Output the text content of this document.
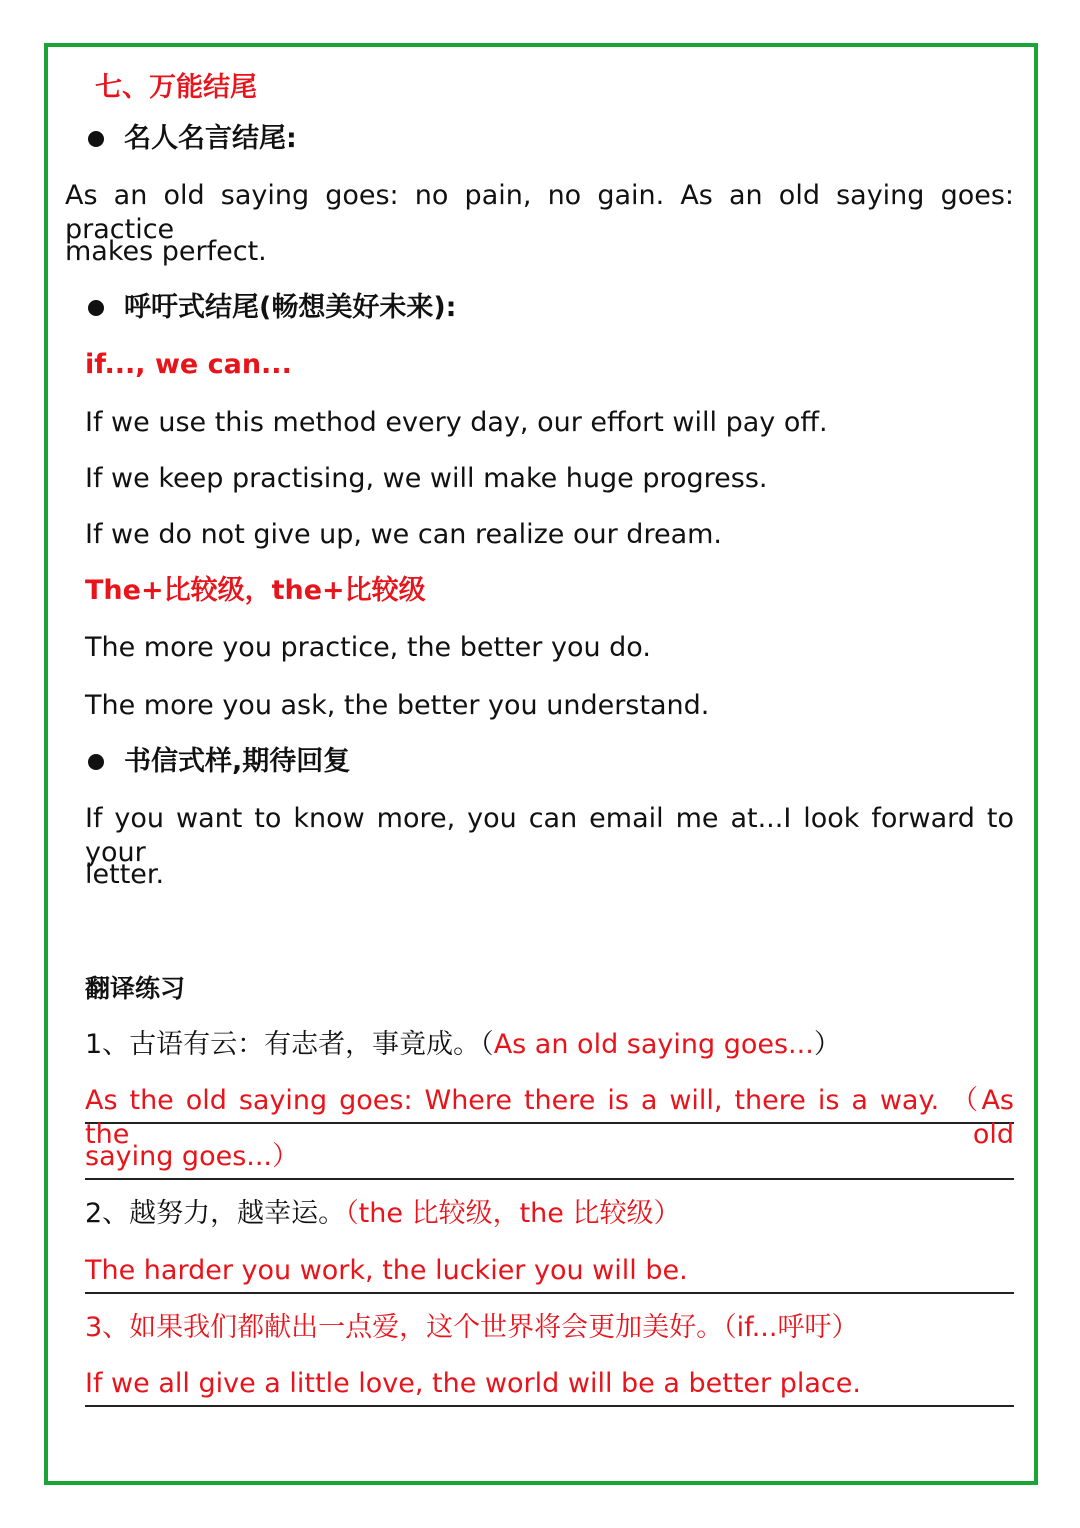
七、万能结尾
名人名言结尾:
As an old saying goes: no pain, no gain. As an old saying goes: practice
makes perfect.
呼吁式结尾(畅想美好未来):
if..., we can...
If we use this method every day, our effort will pay off.
If we keep practising, we will make huge progress.
If we do not give up, we can realize our dream.
The+比较级，the+比较级
The more you practice, the better you do.
The more you ask, the better you understand.
书信式样,期待回复
If you want to know more, you can email me at...I look forward to your
letter.
翻译练习
1、古语有云：有志者，事竟成。（As an old saying goes...）
As the old saying goes: Where there is a will, there is a way. （As the old
saying goes...）
2、越努力，越幸运。（the 比较级，the 比较级）
The harder you work, the luckier you will be.
3、如果我们都献出一点爱，这个世界将会更加美好。（if...呼吁）
If we all give a little love, the world will be a better place.
